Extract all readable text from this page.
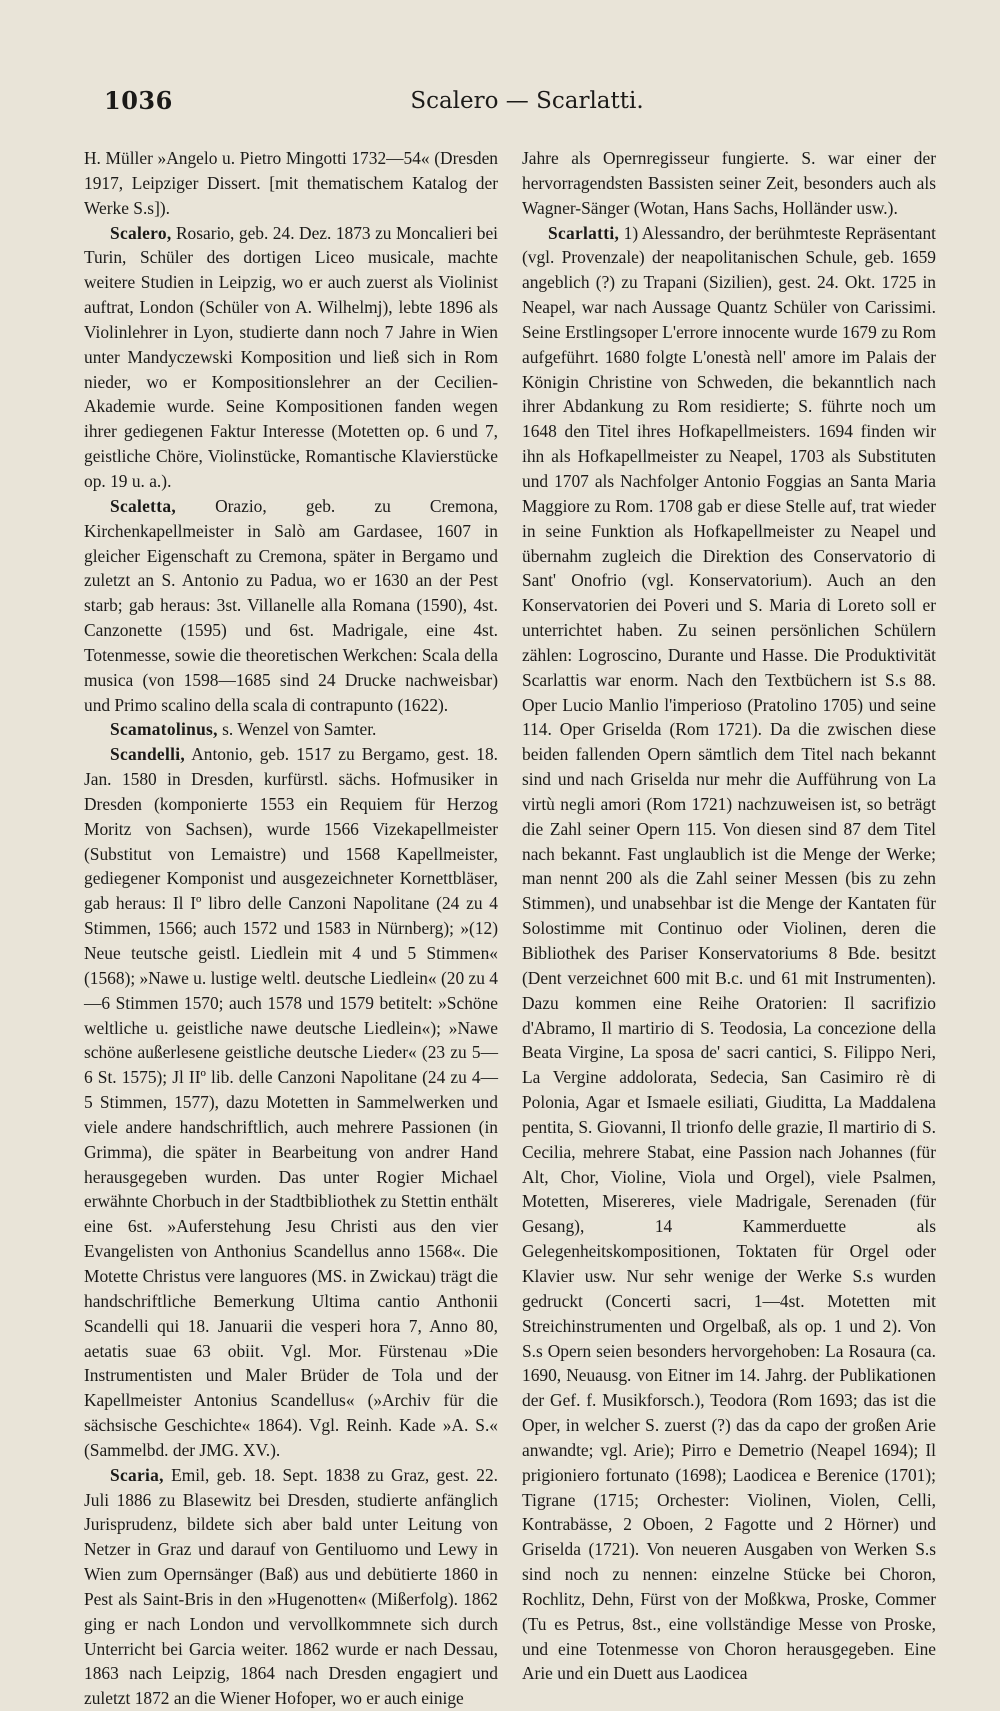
1036	Scalero — Scarlatti.

H. Müller »Angelo u. Pietro Mingotti 1732—54« (Dresden 1917, Leipziger Dissert. [mit thematischem Katalog der Werke S.s]).

Scalero, Rosario, geb. 24. Dez. 1873 zu Moncalieri bei Turin, Schüler des dortigen Liceo musicale, machte weitere Studien in Leipzig, wo er auch zuerst als Violinist auftrat, London (Schüler von A. Wilhelmj), lebte 1896 als Violinlehrer in Lyon, studierte dann noch 7 Jahre in Wien unter Mandyczewski Komposition und ließ sich in Rom nieder, wo er Kompositionslehrer an der Cecilien-Akademie wurde. Seine Kompositionen fanden wegen ihrer gediegenen Faktur Interesse (Motetten op. 6 und 7, geistliche Chöre, Violinstücke, Romantische Klavierstücke op. 19 u. a.).

Scaletta, Orazio, geb. zu Cremona, Kirchenkapellmeister in Salò am Gardasee, 1607 in gleicher Eigenschaft zu Cremona, später in Bergamo und zuletzt an S. Antonio zu Padua, wo er 1630 an der Pest starb; gab heraus: 3st. Villanelle alla Romana (1590), 4st. Canzonette (1595) und 6st. Madrigale, eine 4st. Totenmesse, sowie die theoretischen Werkchen: Scala della musica (von 1598—1685 sind 24 Drucke nachweisbar) und Primo scalino della scala di contrapunto (1622).

Scamatolinus, s. Wenzel von Samter.

Scandelli, Antonio, geb. 1517 zu Bergamo, gest. 18. Jan. 1580 in Dresden, kurfürstl. sächs. Hofmusiker in Dresden (komponierte 1553 ein Requiem für Herzog Moritz von Sachsen), wurde 1566 Vizekapellmeister (Substitut von Lemaistre) und 1568 Kapellmeister, gediegener Komponist und ausgezeichneter Kornettbläser, gab heraus: Il Iº libro delle Canzoni Napolitane (24 zu 4 Stimmen, 1566; auch 1572 und 1583 in Nürnberg); »(12) Neue teutsche geistl. Liedlein mit 4 und 5 Stimmen« (1568); »Nawe u. lustige weltl. deutsche Liedlein« (20 zu 4—6 Stimmen 1570; auch 1578 und 1579 betitelt: »Schöne weltliche u. geistliche nawe deutsche Liedlein«); »Nawe schöne außerlesene geistliche deutsche Lieder« (23 zu 5—6 St. 1575); Jl IIº lib. delle Canzoni Napolitane (24 zu 4—5 Stimmen, 1577), dazu Motetten in Sammelwerken und viele andere handschriftlich, auch mehrere Passionen (in Grimma), die später in Bearbeitung von andrer Hand herausgegeben wurden. Das unter Rogier Michael erwähnte Chorbuch in der Stadtbibliothek zu Stettin enthält eine 6st. »Auferstehung Jesu Christi aus den vier Evangelisten von Anthonius Scandellus anno 1568«. Die Motette Christus vere languores (MS. in Zwickau) trägt die handschriftliche Bemerkung Ultima cantio Anthonii Scandelli qui 18. Januarii die vesperi hora 7, Anno 80, aetatis suae 63 obiit. Vgl. Mor. Fürstenau »Die Instrumentisten und Maler Brüder de Tola und der Kapellmeister Antonius Scandellus« (»Archiv für die sächsische Geschichte« 1864). Vgl. Reinh. Kade »A. S.« (Sammelbd. der JMG. XV.).

Scaria, Emil, geb. 18. Sept. 1838 zu Graz, gest. 22. Juli 1886 zu Blasewitz bei Dresden, studierte anfänglich Jurisprudenz, bildete sich aber bald unter Leitung von Netzer in Graz und darauf von Gentiluomo und Lewy in Wien zum Opernsänger (Baß) aus und debütierte 1860 in Pest als Saint-Bris in den »Hugenotten« (Mißerfolg). 1862 ging er nach London und vervollkommnete sich durch Unterricht bei Garcia weiter. 1862 wurde er nach Dessau, 1863 nach Leipzig, 1864 nach Dresden engagiert und zuletzt 1872 an die Wiener Hofoper, wo er auch einige

Jahre als Opernregisseur fungierte. S. war einer der hervorragendsten Bassisten seiner Zeit, besonders auch als Wagner-Sänger (Wotan, Hans Sachs, Holländer usw.).

Scarlatti, 1) Alessandro, der berühmteste Repräsentant (vgl. Provenzale) der neapolitanischen Schule, geb. 1659 angeblich (?) zu Trapani (Sizilien), gest. 24. Okt. 1725 in Neapel, war nach Aussage Quantz Schüler von Carissimi. Seine Erstlingsoper L'errore innocente wurde 1679 zu Rom aufgeführt. 1680 folgte L'onestà nell' amore im Palais der Königin Christine von Schweden, die bekanntlich nach ihrer Abdankung zu Rom residierte; S. führte noch um 1648 den Titel ihres Hofkapellmeisters. 1694 finden wir ihn als Hofkapellmeister zu Neapel, 1703 als Substituten und 1707 als Nachfolger Antonio Foggias an Santa Maria Maggiore zu Rom. 1708 gab er diese Stelle auf, trat wieder in seine Funktion als Hofkapellmeister zu Neapel und übernahm zugleich die Direktion des Conservatorio di Sant' Onofrio (vgl. Konservatorium). Auch an den Konservatorien dei Poveri und S. Maria di Loreto soll er unterrichtet haben. Zu seinen persönlichen Schülern zählen: Logroscino, Durante und Hasse. Die Produktivität Scarlattis war enorm. Nach den Textbüchern ist S.s 88. Oper Lucio Manlio l'imperioso (Pratolino 1705) und seine 114. Oper Griselda (Rom 1721). Da die zwischen diese beiden fallenden Opern sämtlich dem Titel nach bekannt sind und nach Griselda nur mehr die Aufführung von La virtù negli amori (Rom 1721) nachzuweisen ist, so beträgt die Zahl seiner Opern 115. Von diesen sind 87 dem Titel nach bekannt. Fast unglaublich ist die Menge der Werke; man nennt 200 als die Zahl seiner Messen (bis zu zehn Stimmen), und unabsehbar ist die Menge der Kantaten für Solostimme mit Continuo oder Violinen, deren die Bibliothek des Pariser Konservatoriums 8 Bde. besitzt (Dent verzeichnet 600 mit B.c. und 61 mit Instrumenten). Dazu kommen eine Reihe Oratorien: Il sacrifizio d'Abramo, Il martirio di S. Teodosia, La concezione della Beata Virgine, La sposa de' sacri cantici, S. Filippo Neri, La Vergine addolorata, Sedecia, San Casimiro rè di Polonia, Agar et Ismaele esiliati, Giuditta, La Maddalena pentita, S. Giovanni, Il trionfo delle grazie, Il martirio di S. Cecilia, mehrere Stabat, eine Passion nach Johannes (für Alt, Chor, Violine, Viola und Orgel), viele Psalmen, Motetten, Misereres, viele Madrigale, Serenaden (für Gesang), 14 Kammerduette als Gelegenheitskompositionen, Toktaten für Orgel oder Klavier usw. Nur sehr wenige der Werke S.s wurden gedruckt (Concerti sacri, 1—4st. Motetten mit Streichinstrumenten und Orgelbaß, als op. 1 und 2). Von S.s Opern seien besonders hervorgehoben: La Rosaura (ca. 1690, Neuausg. von Eitner im 14. Jahrg. der Publikationen der Gef. f. Musikforsch.), Teodora (Rom 1693; das ist die Oper, in welcher S. zuerst (?) das da capo der großen Arie anwandte; vgl. Arie); Pirro e Demetrio (Neapel 1694); Il prigioniero fortunato (1698); Laodicea e Berenice (1701); Tigrane (1715; Orchester: Violinen, Violen, Celli, Kontrabässe, 2 Oboen, 2 Fagotte und 2 Hörner) und Griselda (1721). Von neueren Ausgaben von Werken S.s sind noch zu nennen: einzelne Stücke bei Choron, Rochlitz, Dehn, Fürst von der Moßkwa, Proske, Commer (Tu es Petrus, 8st., eine vollständige Messe von Proske, und eine Totenmesse von Choron herausgegeben. Eine Arie und ein Duett aus Laodicea
